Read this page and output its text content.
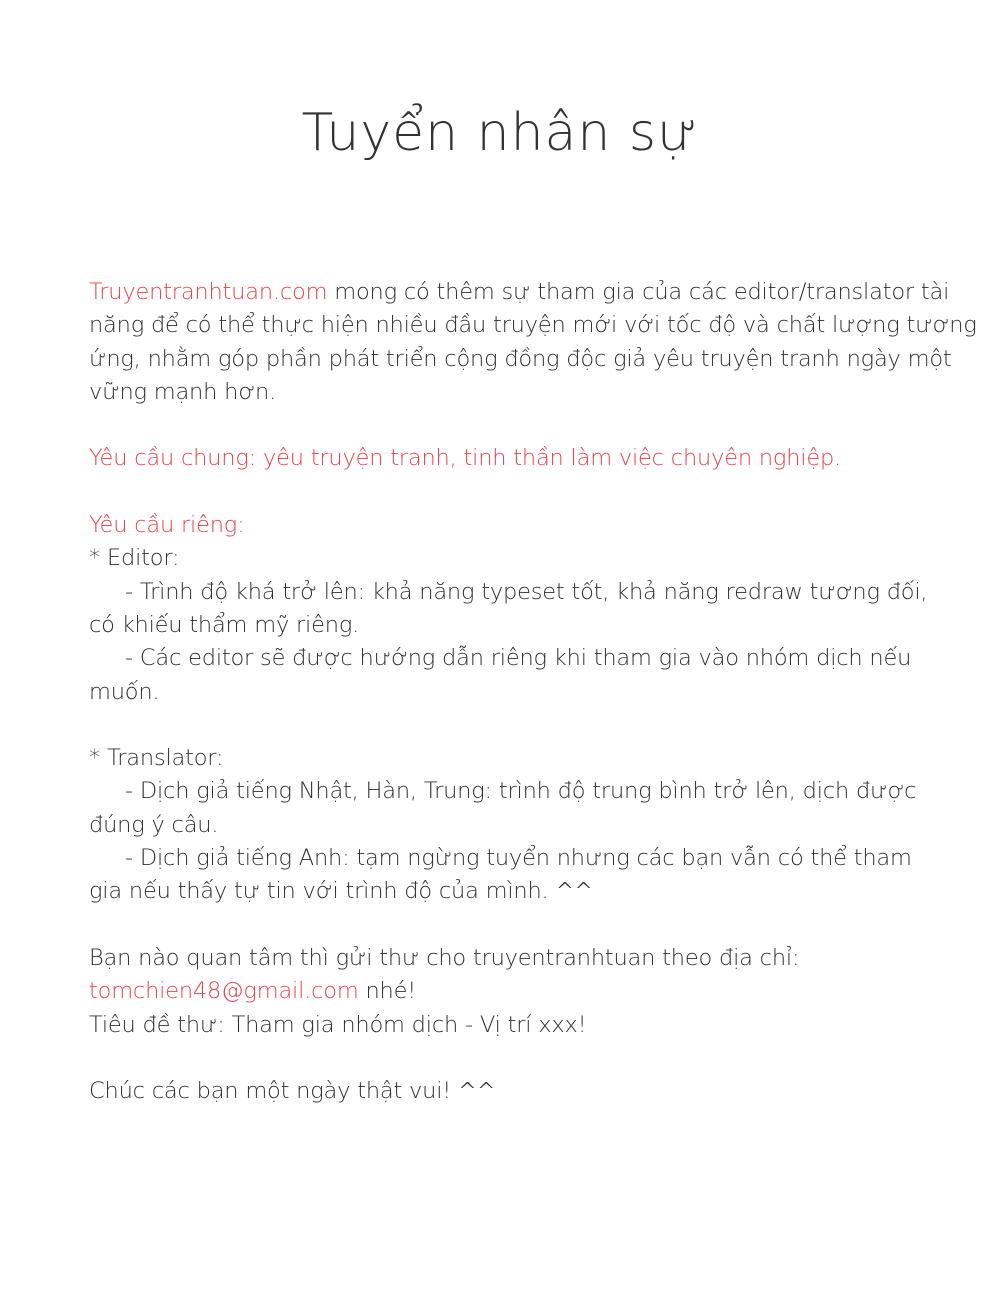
Tuyển nhân sự
Truyentranhtuan.com mong có thêm sự tham gia của các editor/translator tài
năng để có thể thực hiện nhiều đầu truyện mới với tốc độ và chất lượng tương
ứng, nhằm góp phần phát triển cộng đồng độc giả yêu truyện tranh ngày một
vững mạnh hơn.
Yêu cầu chung: yêu truyện tranh, tinh thần làm việc chuyên nghiệp.
Yêu cầu riêng:
* Editor:
- Trình độ khá trở lên: khả năng typeset tốt, khả năng redraw tương đối,
có khiếu thẩm mỹ riêng.
- Các editor sẽ được hướng dẫn riêng khi tham gia vào nhóm dịch nếu
muốn.
* Translator:
- Dịch giả tiếng Nhật, Hàn, Trung: trình độ trung bình trở lên, dịch được
đúng ý câu.
- Dịch giả tiếng Anh: tạm ngừng tuyển nhưng các bạn vẫn có thể tham
gia nếu thấy tự tin với trình độ của mình. ^^
Bạn nào quan tâm thì gửi thư cho truyentranhtuan theo địa chỉ:
tomchien48@gmail.com nhé!
Tiêu đề thư: Tham gia nhóm dịch - Vị trí xxx!
Chúc các bạn một ngày thật vui! ^^
